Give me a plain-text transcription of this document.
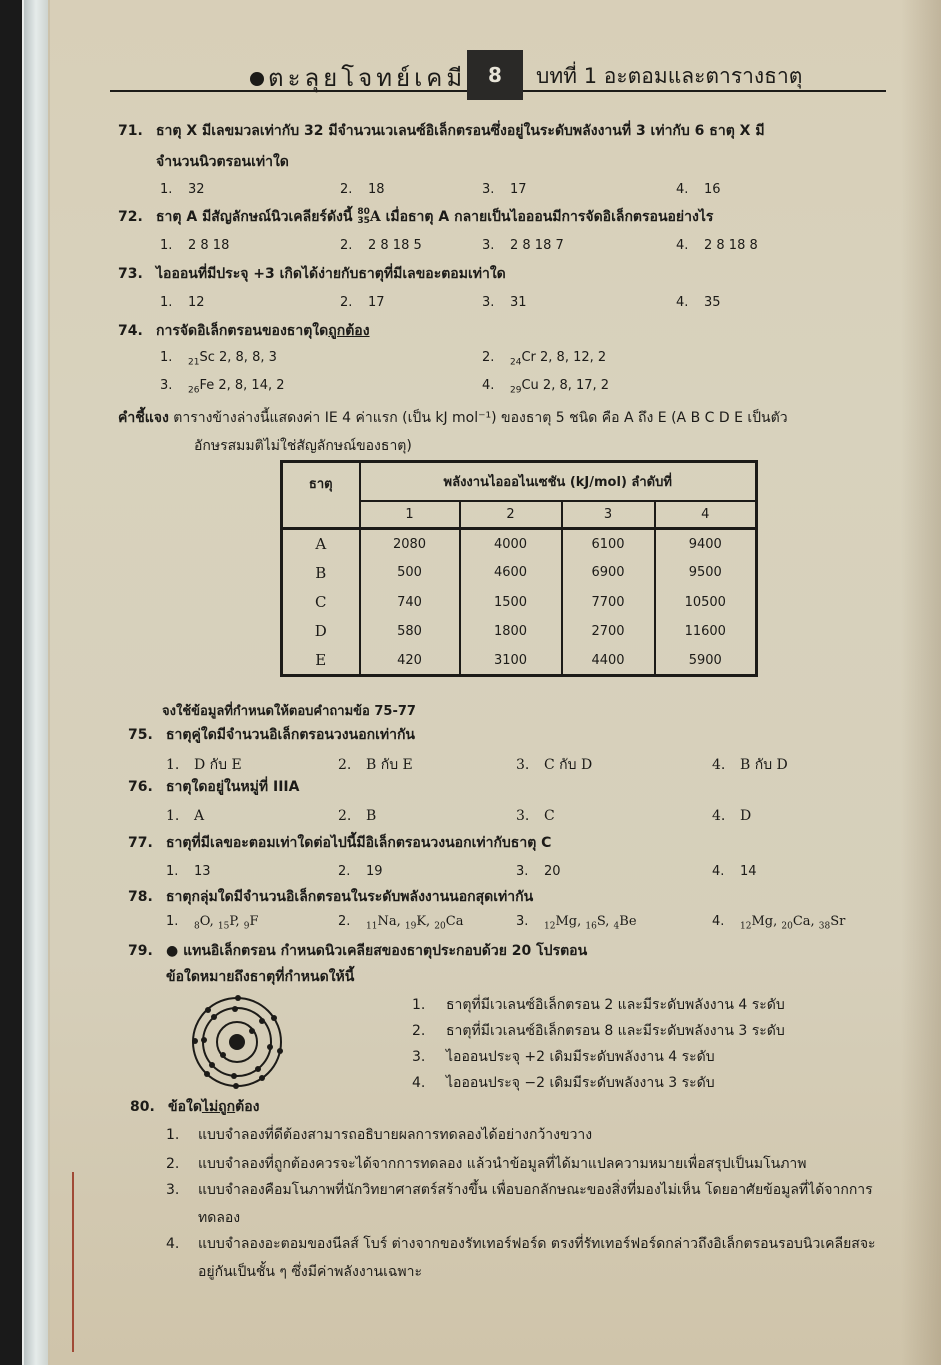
ตะลุยโจทย์เคมี	8	บทที่ 1 อะตอมและตารางธาตุ
71. ธาตุ X มีเลขมวลเท่ากับ 32 มีจำนวนเวเลนซ์อิเล็กตรอนซึ่งอยู่ในระดับพลังงานที่ 3 เท่ากับ 6 ธาตุ X มี
จำนวนนิวตรอนเท่าใด
1. 32	2. 18	3. 17	4. 16
72. ธาตุ A มีสัญลักษณ์นิวเคลียร์ดังนี้ 80
35A เมื่อธาตุ A กลายเป็นไอออนมีการจัดอิเล็กตรอนอย่างไร
1. 2 8 18	2. 2 8 18 5	3. 2 8 18 7	4. 2 8 18 8
73. ไอออนที่มีประจุ +3 เกิดได้ง่ายกับธาตุที่มีเลขอะตอมเท่าใด
1. 12	2. 17	3. 31	4. 35
74. การจัดอิเล็กตรอนของธาตุใดถูกต้อง
1. $_{21}$Sc 2, 8, 8, 3	2. $_{24}$Cr 2, 8, 12, 2
3. $_{26}$Fe 2, 8, 14, 2	4. $_{29}$Cu 2, 8, 17, 2
คำชี้แจง ตารางข้างล่างนี้แสดงค่า IE 4 ค่าแรก (เป็น kJ mol⁻¹) ของธาตุ 5 ชนิด คือ A ถึง E (A B C D E เป็นตัว
อักษรสมมติไม่ใช่สัญลักษณ์ของธาตุ)
ธาตุ	พลังงานไอออไนเซชัน (kJ/mol) ลำดับที่			
	1	2	3	4
A	2080	4000	6100	9400
B	500	4600	6900	9500
C	740	1500	7700	10500
D	580	1800	2700	11600
E	420	3100	4400	5900
จงใช้ข้อมูลที่กำหนดให้ตอบคำถามข้อ 75-77
75. ธาตุคู่ใดมีจำนวนอิเล็กตรอนวงนอกเท่ากัน
1. D กับ E	2. B กับ E	3. C กับ D	4. B กับ D
76. ธาตุใดอยู่ในหมู่ที่ IIIA
1. A	2. B	3. C	4. D
77. ธาตุที่มีเลขอะตอมเท่าใดต่อไปนี้มีอิเล็กตรอนวงนอกเท่ากับธาตุ C
1. 13	2. 19	3. 20	4. 14
78. ธาตุกลุ่มใดมีจำนวนอิเล็กตรอนในระดับพลังงานนอกสุดเท่ากัน
1. $_8$O, $_{15}$P, $_9$F	2. $_{11}$Na, $_{19}$K, $_{20}$Ca	3. $_{12}$Mg, $_{16}$S, $_4$Be	4. $_{12}$Mg, $_{20}$Ca, $_{38}$Sr
79. ● แทนอิเล็กตรอน กำหนดนิวเคลียสของธาตุประกอบด้วย 20 โปรตอน
ข้อใดหมายถึงธาตุที่กำหนดให้นี้
1. ธาตุที่มีเวเลนซ์อิเล็กตรอน 2 และมีระดับพลังงาน 4 ระดับ
2. ธาตุที่มีเวเลนซ์อิเล็กตรอน 8 และมีระดับพลังงาน 3 ระดับ
3. ไอออนประจุ +2 เดิมมีระดับพลังงาน 4 ระดับ
4. ไอออนประจุ −2 เดิมมีระดับพลังงาน 3 ระดับ
80. ข้อใดไม่ถูกต้อง
1. แบบจำลองที่ดีต้องสามารถอธิบายผลการทดลองได้อย่างกว้างขวาง
2. แบบจำลองที่ถูกต้องควรจะได้จากการทดลอง แล้วนำข้อมูลที่ได้มาแปลความหมายเพื่อสรุปเป็นมโนภาพ
3. แบบจำลองคือมโนภาพที่นักวิทยาศาสตร์สร้างขึ้น เพื่อบอกลักษณะของสิ่งที่มองไม่เห็น โดยอาศัยข้อมูลที่ได้จากการทดลอง
4. แบบจำลองอะตอมของนีลส์ โบร์ ต่างจากของรัทเทอร์ฟอร์ด ตรงที่รัทเทอร์ฟอร์ดกล่าวถึงอิเล็กตรอนรอบนิวเคลียสจะอยู่กันเป็นชั้น ๆ ซึ่งมีค่าพลังงานเฉพาะ
